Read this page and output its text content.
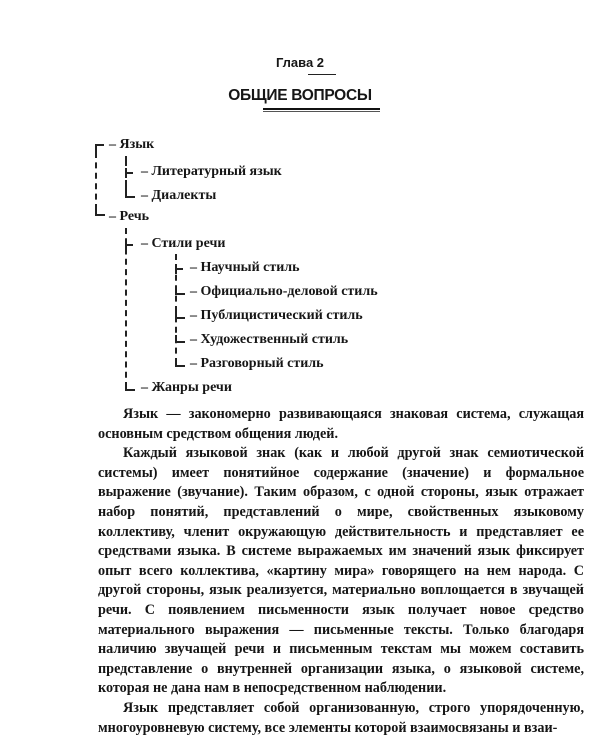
Глава 2
ОБЩИЕ ВОПРОСЫ
– Язык
– Литературный язык
– Диалекты
– Речь
– Стили речи
– Научный стиль
– Официально-деловой стиль
– Публицистический стиль
– Художественный стиль
– Разговорный стиль
– Жанры речи

Язык — закономерно развивающаяся знаковая система, служащая основным средством общения людей.

Каждый языковой знак (как и любой другой знак семиотической системы) имеет понятийное содержание (значение) и формальное выражение (звучание). Таким образом, с одной стороны, язык отражает набор понятий, представлений о мире, свойственных языковому коллективу, членит окружающую действительность и представляет ее средствами языка. В системе выражаемых им значений язык фиксирует опыт всего коллектива, «картину мира» говорящего на нем народа. С другой стороны, язык реализуется, материально воплощается в звучащей речи. С появлением письменности язык получает новое средство материального выражения — письменные тексты. Только благодаря наличию звучащей речи и письменным текстам мы можем составить представление о внутренней организации языка, о языковой системе, которая не дана нам в непосредственном наблюдении.

Язык представляет собой организованную, строго упорядоченную, многоуровневую систему, все элементы которой взаимосвязаны и взаи-
